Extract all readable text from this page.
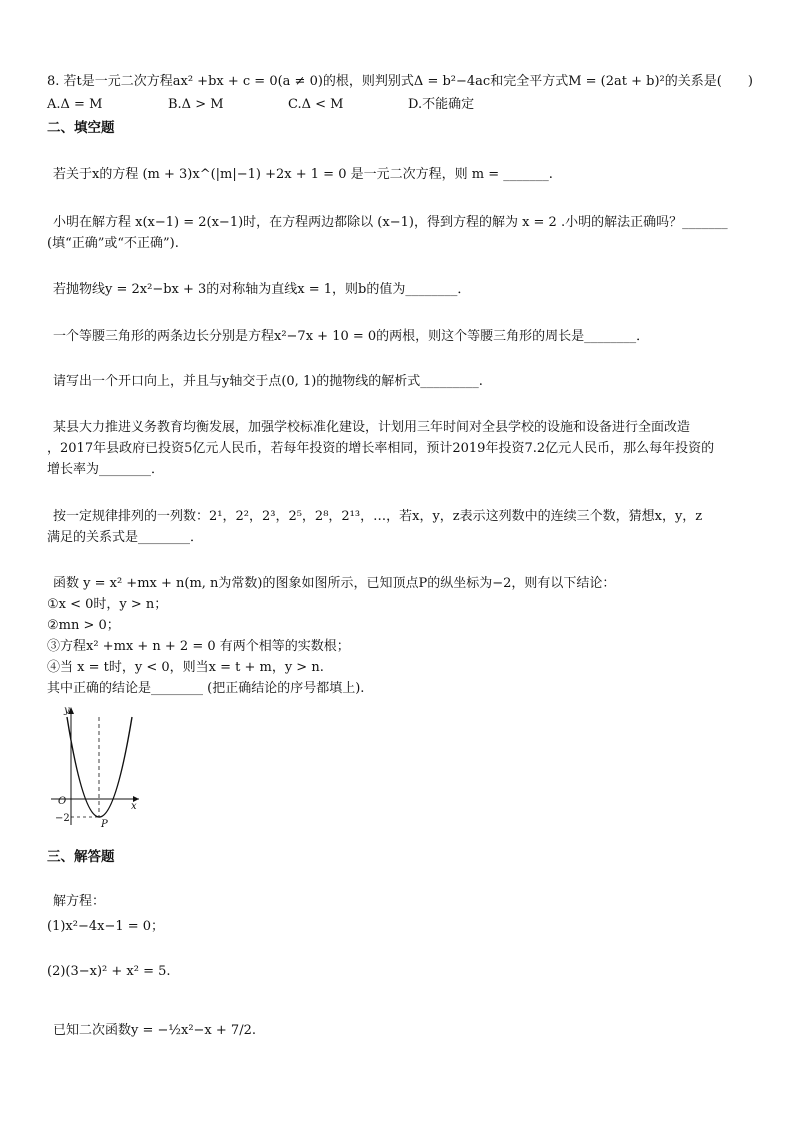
8. 若t是一元二次方程ax² +bx + c = 0(a ≠ 0)的根，则判别式Δ = b²−4ac和完全平方式M = (2at + b)²的关系是(　　)
A.Δ = M	B.Δ > M	C.Δ < M	D.不能确定
二、填空题
若关于x的方程 (m + 3)x^(|m|−1) +2x + 1 = 0 是一元二次方程，则 m = _______.
小明在解方程 x(x−1) = 2(x−1)时，在方程两边都除以 (x−1)，得到方程的解为 x = 2 .小明的解法正确吗？_______
(填“正确”或“不正确”).
若抛物线y = 2x²−bx + 3的对称轴为直线x = 1，则b的值为________．
一个等腰三角形的两条边长分别是方程x²−7x + 10 = 0的两根，则这个等腰三角形的周长是________．
请写出一个开口向上，并且与y轴交于点(0, 1)的抛物线的解析式_________.
某县大力推进义务教育均衡发展，加强学校标准化建设，计划用三年时间对全县学校的设施和设备进行全面改造
，2017年县政府已投资5亿元人民币，若每年投资的增长率相同，预计2019年投资7.2亿元人民币，那么每年投资的
增长率为________．
按一定规律排列的一列数：2¹，2²，2³，2⁵，2⁸，2¹³，…，若x，y，z表示这列数中的连续三个数，猜想x，y，z
满足的关系式是________．
函数 y = x² +mx + n(m, n为常数)的图象如图所示，已知顶点P的纵坐标为−2，则有以下结论：
①x < 0时，y > n；
②mn > 0；
③方程x² +mx + n + 2 = 0 有两个相等的实数根；
④当 x = t时，y < 0，则当x = t + m，y > n.
其中正确的结论是________ (把正确结论的序号都填上).
O	x
y
−2
P
三、解答题
解方程：
(1)x²−4x−1 = 0；
(2)(3−x)² + x² = 5.
已知二次函数y = −½x²−x + 7/2.
